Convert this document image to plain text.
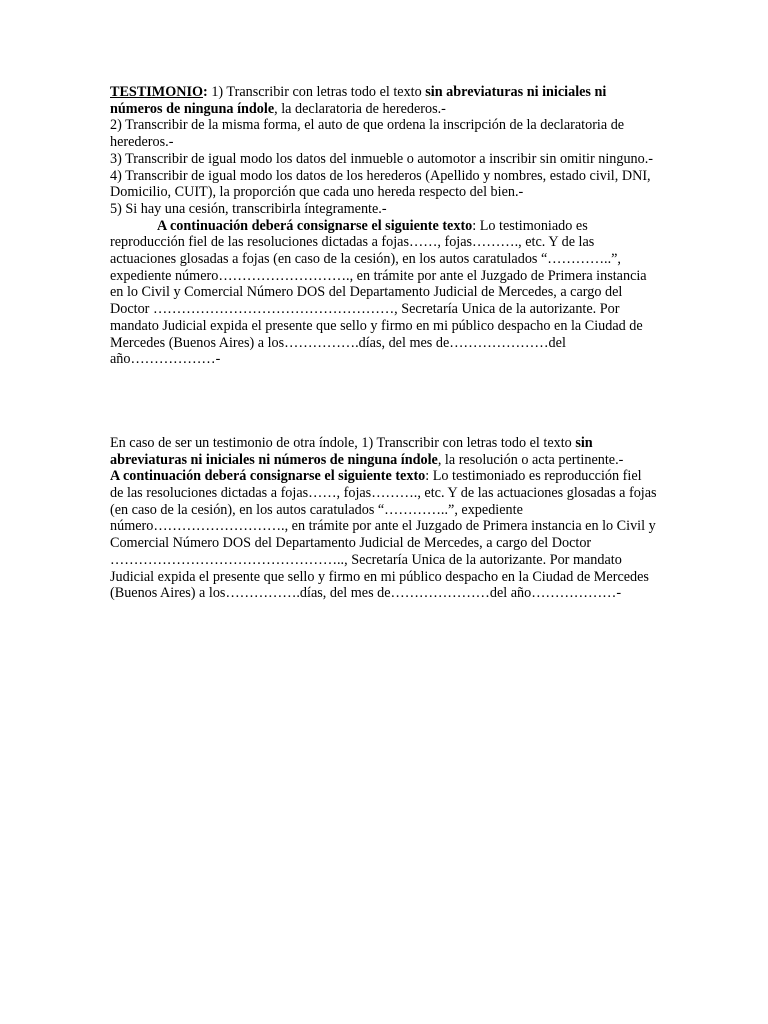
TESTIMONIO: 1) Transcribir con letras todo el texto sin abreviaturas ni iniciales ni números de ninguna índole, la declaratoria de herederos.-

2) Transcribir de la misma forma, el auto de que ordena la inscripción de la declaratoria de herederos.-

3) Transcribir de igual modo los datos del inmueble o automotor a inscribir sin omitir ninguno.-

4) Transcribir de igual modo los datos de los herederos (Apellido y nombres, estado civil, DNI, Domicilio, CUIT), la proporción que cada uno hereda respecto del bien.-

5) Si hay una cesión, transcribirla íntegramente.-

A continuación deberá consignarse el siguiente texto: Lo testimoniado es reproducción fiel de las resoluciones dictadas a fojas……, fojas………., etc. Y de las actuaciones glosadas a fojas (en caso de la cesión), en los autos caratulados “…………..”, expediente número………………………., en trámite por ante el Juzgado de Primera instancia en lo Civil y Comercial Número DOS del Departamento Judicial de Mercedes, a cargo del Doctor ……………………………………………, Secretaría Unica de la autorizante. Por mandato Judicial expida el presente que sello y firmo en mi público despacho en la Ciudad de Mercedes (Buenos Aires) a los…………….días, del mes de…………………del año………………-

En caso de ser un testimonio de otra índole, 1) Transcribir con letras todo el texto sin abreviaturas ni iniciales ni números de ninguna índole, la resolución o acta pertinente.-

A continuación deberá consignarse el siguiente texto: Lo testimoniado es reproducción fiel de las resoluciones dictadas a fojas……, fojas………., etc. Y de las actuaciones glosadas a fojas (en caso de la cesión), en los autos caratulados “…………..”, expediente número………………………., en trámite por ante el Juzgado de Primera instancia en lo Civil y Comercial Número DOS del Departamento Judicial de Mercedes, a cargo del Doctor ………………………………………….., Secretaría Unica de la autorizante. Por mandato Judicial expida el presente que sello y firmo en mi público despacho en la Ciudad de Mercedes (Buenos Aires) a los…………….días, del mes de…………………del año………………-
